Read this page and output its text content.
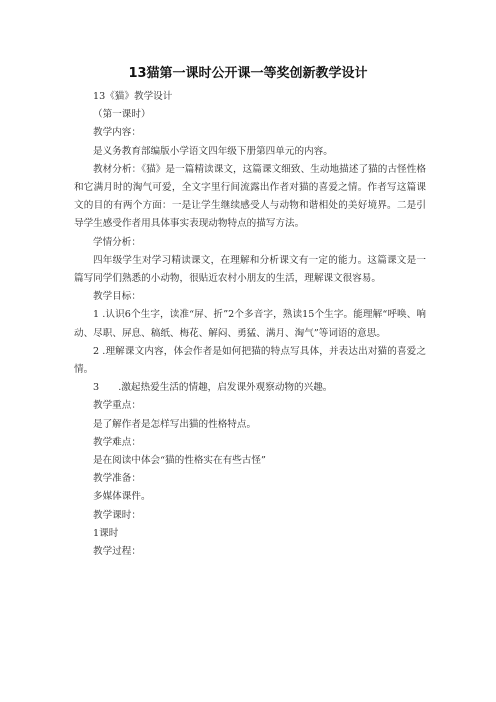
13猫第一课时公开课一等奖创新教学设计

13《猫》教学设计

（第一课时）

教学内容：

是义务教育部编版小学语文四年级下册第四单元的内容。

教材分析：《猫》是一篇精读课文，这篇课文细致、生动地描述了猫的古怪性格和它满月时的淘气可爱，全文字里行间流露出作者对猫的喜爱之情。作者写这篇课文的目的有两个方面：一是让学生继续感受人与动物和谐相处的美好境界。二是引导学生感受作者用具体事实表现动物特点的描写方法。

学情分析：

四年级学生对学习精读课文，在理解和分析课文有一定的能力。这篇课文是一篇写同学们熟悉的小动物，很贴近农村小朋友的生活，理解课文很容易。

教学目标：

1 .认识6个生字，读准“屏、折”2个多音字，熟读15个生字。能理解“呼唤、响动、尽职、屏息、稿纸、梅花、解闷、勇猛、满月、淘气”等词语的意思。

2 .理解课文内容，体会作者是如何把猫的特点写具体，并表达出对猫的喜爱之情。

3　　.激起热爱生活的情趣，启发课外观察动物的兴趣。

教学重点：

是了解作者是怎样写出猫的性格特点。

教学难点：

是在阅读中体会“猫的性格实在有些古怪”

教学准备：

多媒体课件。

教学课时：

1课时

教学过程：
